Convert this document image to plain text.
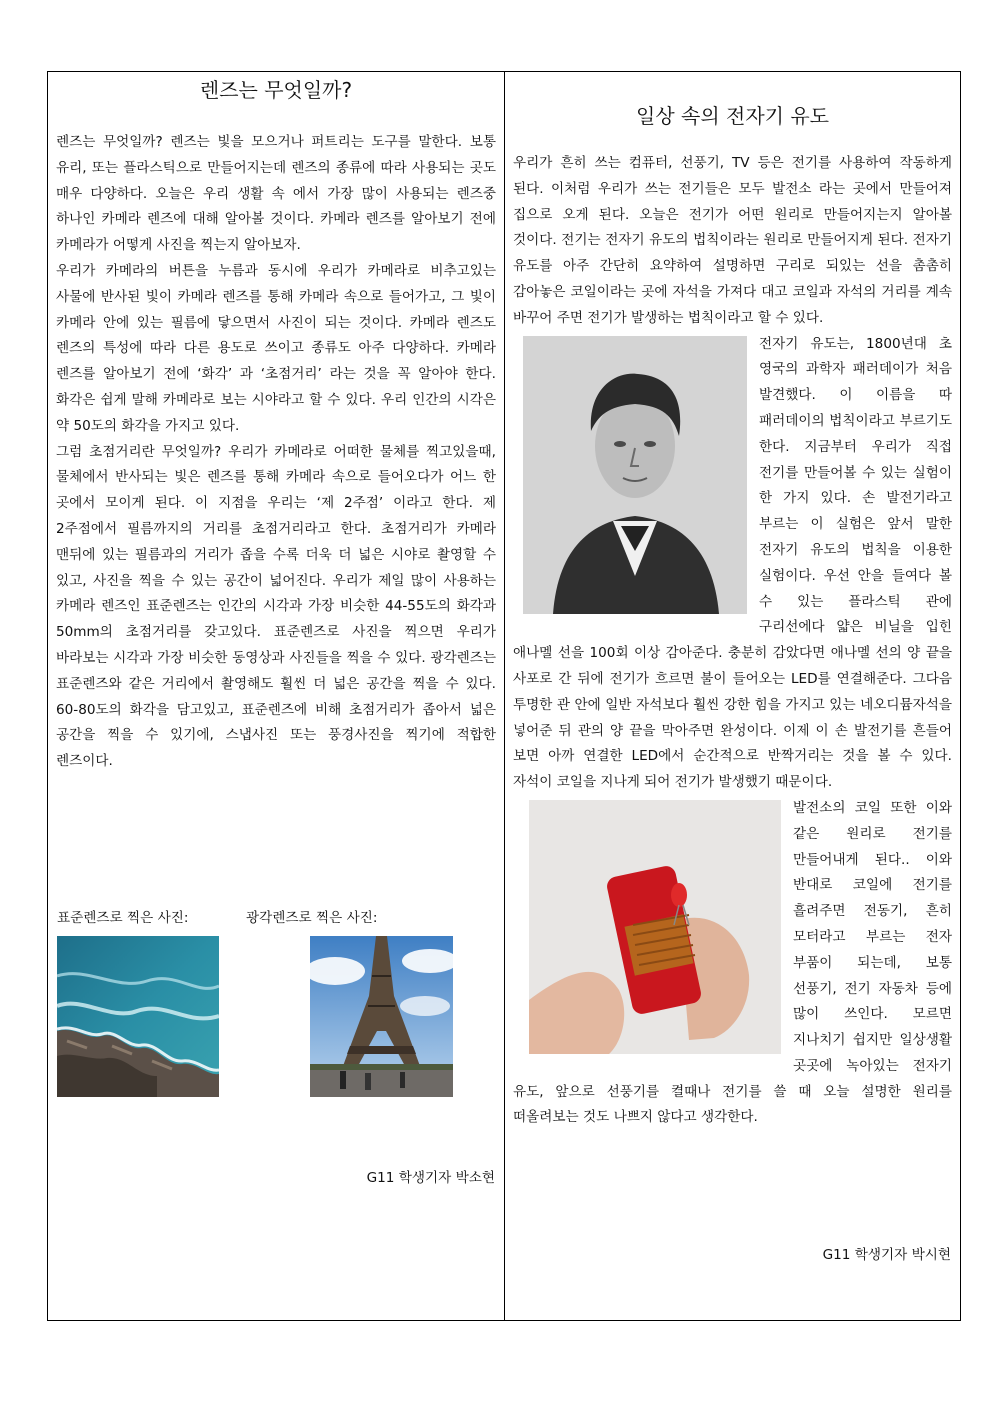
렌즈는 무엇일까?

렌즈는 무엇일까? 렌즈는 빛을 모으거나 퍼트리는 도구를 말한다. 보통 유리, 또는 플라스틱으로 만들어지는데 렌즈의 종류에 따라 사용되는 곳도 매우 다양하다. 오늘은 우리 생활 속 에서 가장 많이 사용되는 렌즈중 하나인 카메라 렌즈에 대해 알아볼 것이다. 카메라 렌즈를 알아보기 전에 카메라가 어떻게 사진을 찍는지 알아보자.

우리가 카메라의 버튼을 누름과 동시에 우리가 카메라로 비추고있는 사물에 반사된 빛이 카메라 렌즈를 통해 카메라 속으로 들어가고, 그 빛이 카메라 안에 있는 필름에 닿으면서 사진이 되는 것이다. 카메라 렌즈도 렌즈의 특성에 따라 다른 용도로 쓰이고 종류도 아주 다양하다. 카메라 렌즈를 알아보기 전에 ‘화각’ 과 ‘초점거리’ 라는 것을 꼭 알아야 한다. 화각은 쉽게 말해 카메라로 보는 시야라고 할 수 있다. 우리 인간의 시각은 약 50도의 화각을 가지고 있다.

그럼 초점거리란 무엇일까? 우리가 카메라로 어떠한 물체를 찍고있을때, 물체에서 반사되는 빛은 렌즈를 통해 카메라 속으로 들어오다가 어느 한 곳에서 모이게 된다. 이 지점을 우리는 ‘제 2주점’ 이라고 한다. 제 2주점에서 필름까지의 거리를 초점거리라고 한다. 초점거리가 카메라 맨뒤에 있는 필름과의 거리가 좁을 수록 더욱 더 넓은 시야로 촬영할 수 있고, 사진을 찍을 수 있는 공간이 넓어진다. 우리가 제일 많이 사용하는 카메라 렌즈인 표준렌즈는 인간의 시각과 가장 비슷한 44-55도의 화각과 50mm의 초점거리를 갖고있다. 표준렌즈로 사진을 찍으면 우리가 바라보는 시각과 가장 비슷한 동영상과 사진들을 찍을 수 있다. 광각렌즈는 표준렌즈와 같은 거리에서 촬영해도 훨씬 더 넓은 공간을 찍을 수 있다. 60-80도의 화각을 담고있고, 표준렌즈에 비해 초점거리가 좁아서 넓은 공간을 찍을 수 있기에, 스냅사진 또는 풍경사진을 찍기에 적합한 렌즈이다.

표준렌즈로 찍은 사진:	광각렌즈로 찍은 사진:
G11 학생기자 박소현
일상 속의 전자기 유도

우리가 흔히 쓰는 컴퓨터, 선풍기, TV 등은 전기를 사용하여 작동하게 된다. 이처럼 우리가 쓰는 전기들은 모두 발전소 라는 곳에서 만들어져 집으로 오게 된다. 오늘은 전기가 어떤 원리로 만들어지는지 알아볼 것이다. 전기는 전자기 유도의 법칙이라는 원리로 만들어지게 된다. 전자기 유도를 아주 간단히 요약하여 설명하면 구리로 되있는 선을 촘촘히 감아놓은 코일이라는 곳에 자석을 가져다 대고 코일과 자석의 거리를 계속 바꾸어 주면 전기가 발생하는 법칙이라고 할 수 있다.

전자기 유도는, 1800년대 초 영국의 과학자 패러데이가 처음 발견했다. 이 이름을 따 패러데이의 법칙이라고 부르기도 한다. 지금부터 우리가 직접 전기를 만들어볼 수 있는 실험이 한 가지 있다. 손 발전기라고 부르는 이 실험은 앞서 말한 전자기 유도의 법칙을 이용한 실험이다. 우선 안을 들여다 볼 수 있는 플라스틱 관에 구리선에다 얇은 비닐을 입힌 애나멜 선을 100회 이상 감아준다. 충분히 감았다면 애나멜 선의 양 끝을 사포로 간 뒤에 전기가 흐르면 불이 들어오는 LED를 연결해준다. 그다음 투명한 관 안에 일반 자석보다 훨씬 강한 힘을 가지고 있는 네오디뮴자석을 넣어준 뒤 관의 양 끝을 막아주면 완성이다. 이제 이 손 발전기를 흔들어 보면 아까 연결한 LED에서 순간적으로 반짝거리는 것을 볼 수 있다. 자석이 코일을 지나게 되어 전기가 발생했기 때문이다.

발전소의 코일 또한 이와 같은 원리로 전기를 만들어내게 된다.. 이와 반대로 코일에 전기를 흘려주면 전동기, 흔히 모터라고 부르는 전자 부품이 되는데, 보통 선풍기, 전기 자동차 등에 많이 쓰인다. 모르면 지나치기 쉽지만 일상생활 곳곳에 녹아있는 전자기 유도, 앞으로 선풍기를 켤때나 전기를 쓸 때 오늘 설명한 원리를 떠올려보는 것도 나쁘지 않다고 생각한다.

G11 학생기자 박시현
